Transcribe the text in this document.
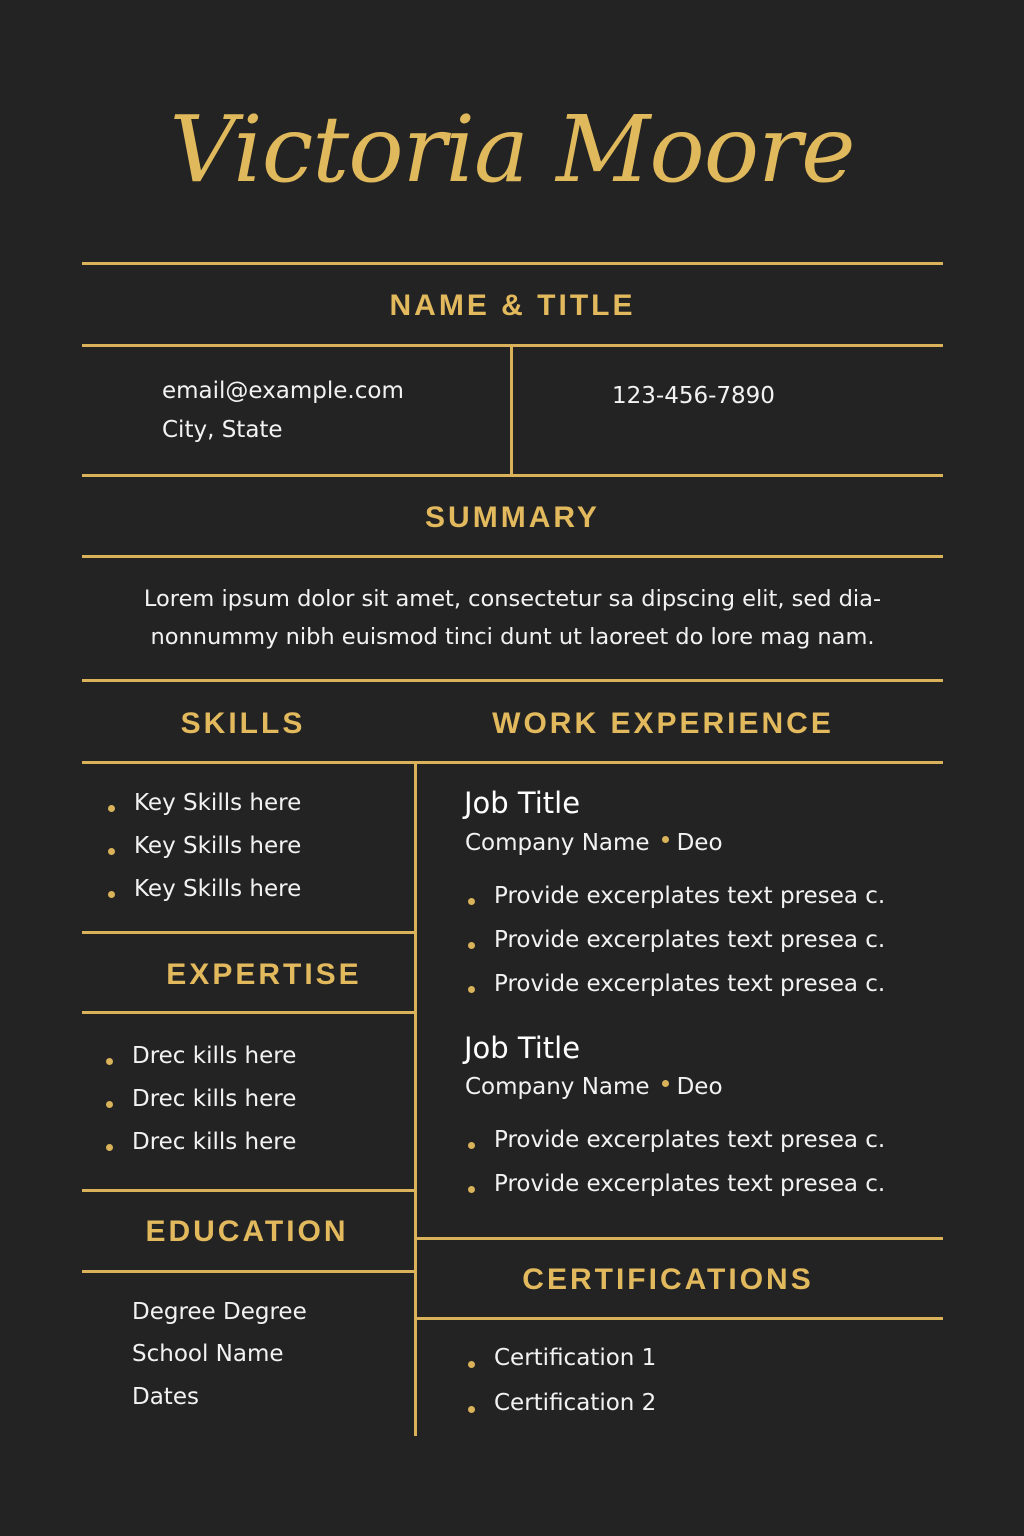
Victoria Moore
NAME & TITLE
email@example.com
City, State
123-456-7890
SUMMARY
Lorem ipsum dolor sit amet, consectetur sa dipscing elit, sed dia-
nonnummy nibh euismod tinci dunt ut laoreet do lore mag nam.
SKILLS
Key Skills here
Key Skills here
Key Skills here
EXPERTISE
Drec kills here
Drec kills here
Drec kills here
EDUCATION
Degree Degree
School Name
Dates
WORK EXPERIENCE
Job Title
Company Name Deo
Provide excerplates text presea c.
Provide excerplates text presea c.
Provide excerplates text presea c.
Job Title
Company Name Deo
Provide excerplates text presea c.
Provide excerplates text presea c.
CERTIFICATIONS
Certification 1
Certification 2
